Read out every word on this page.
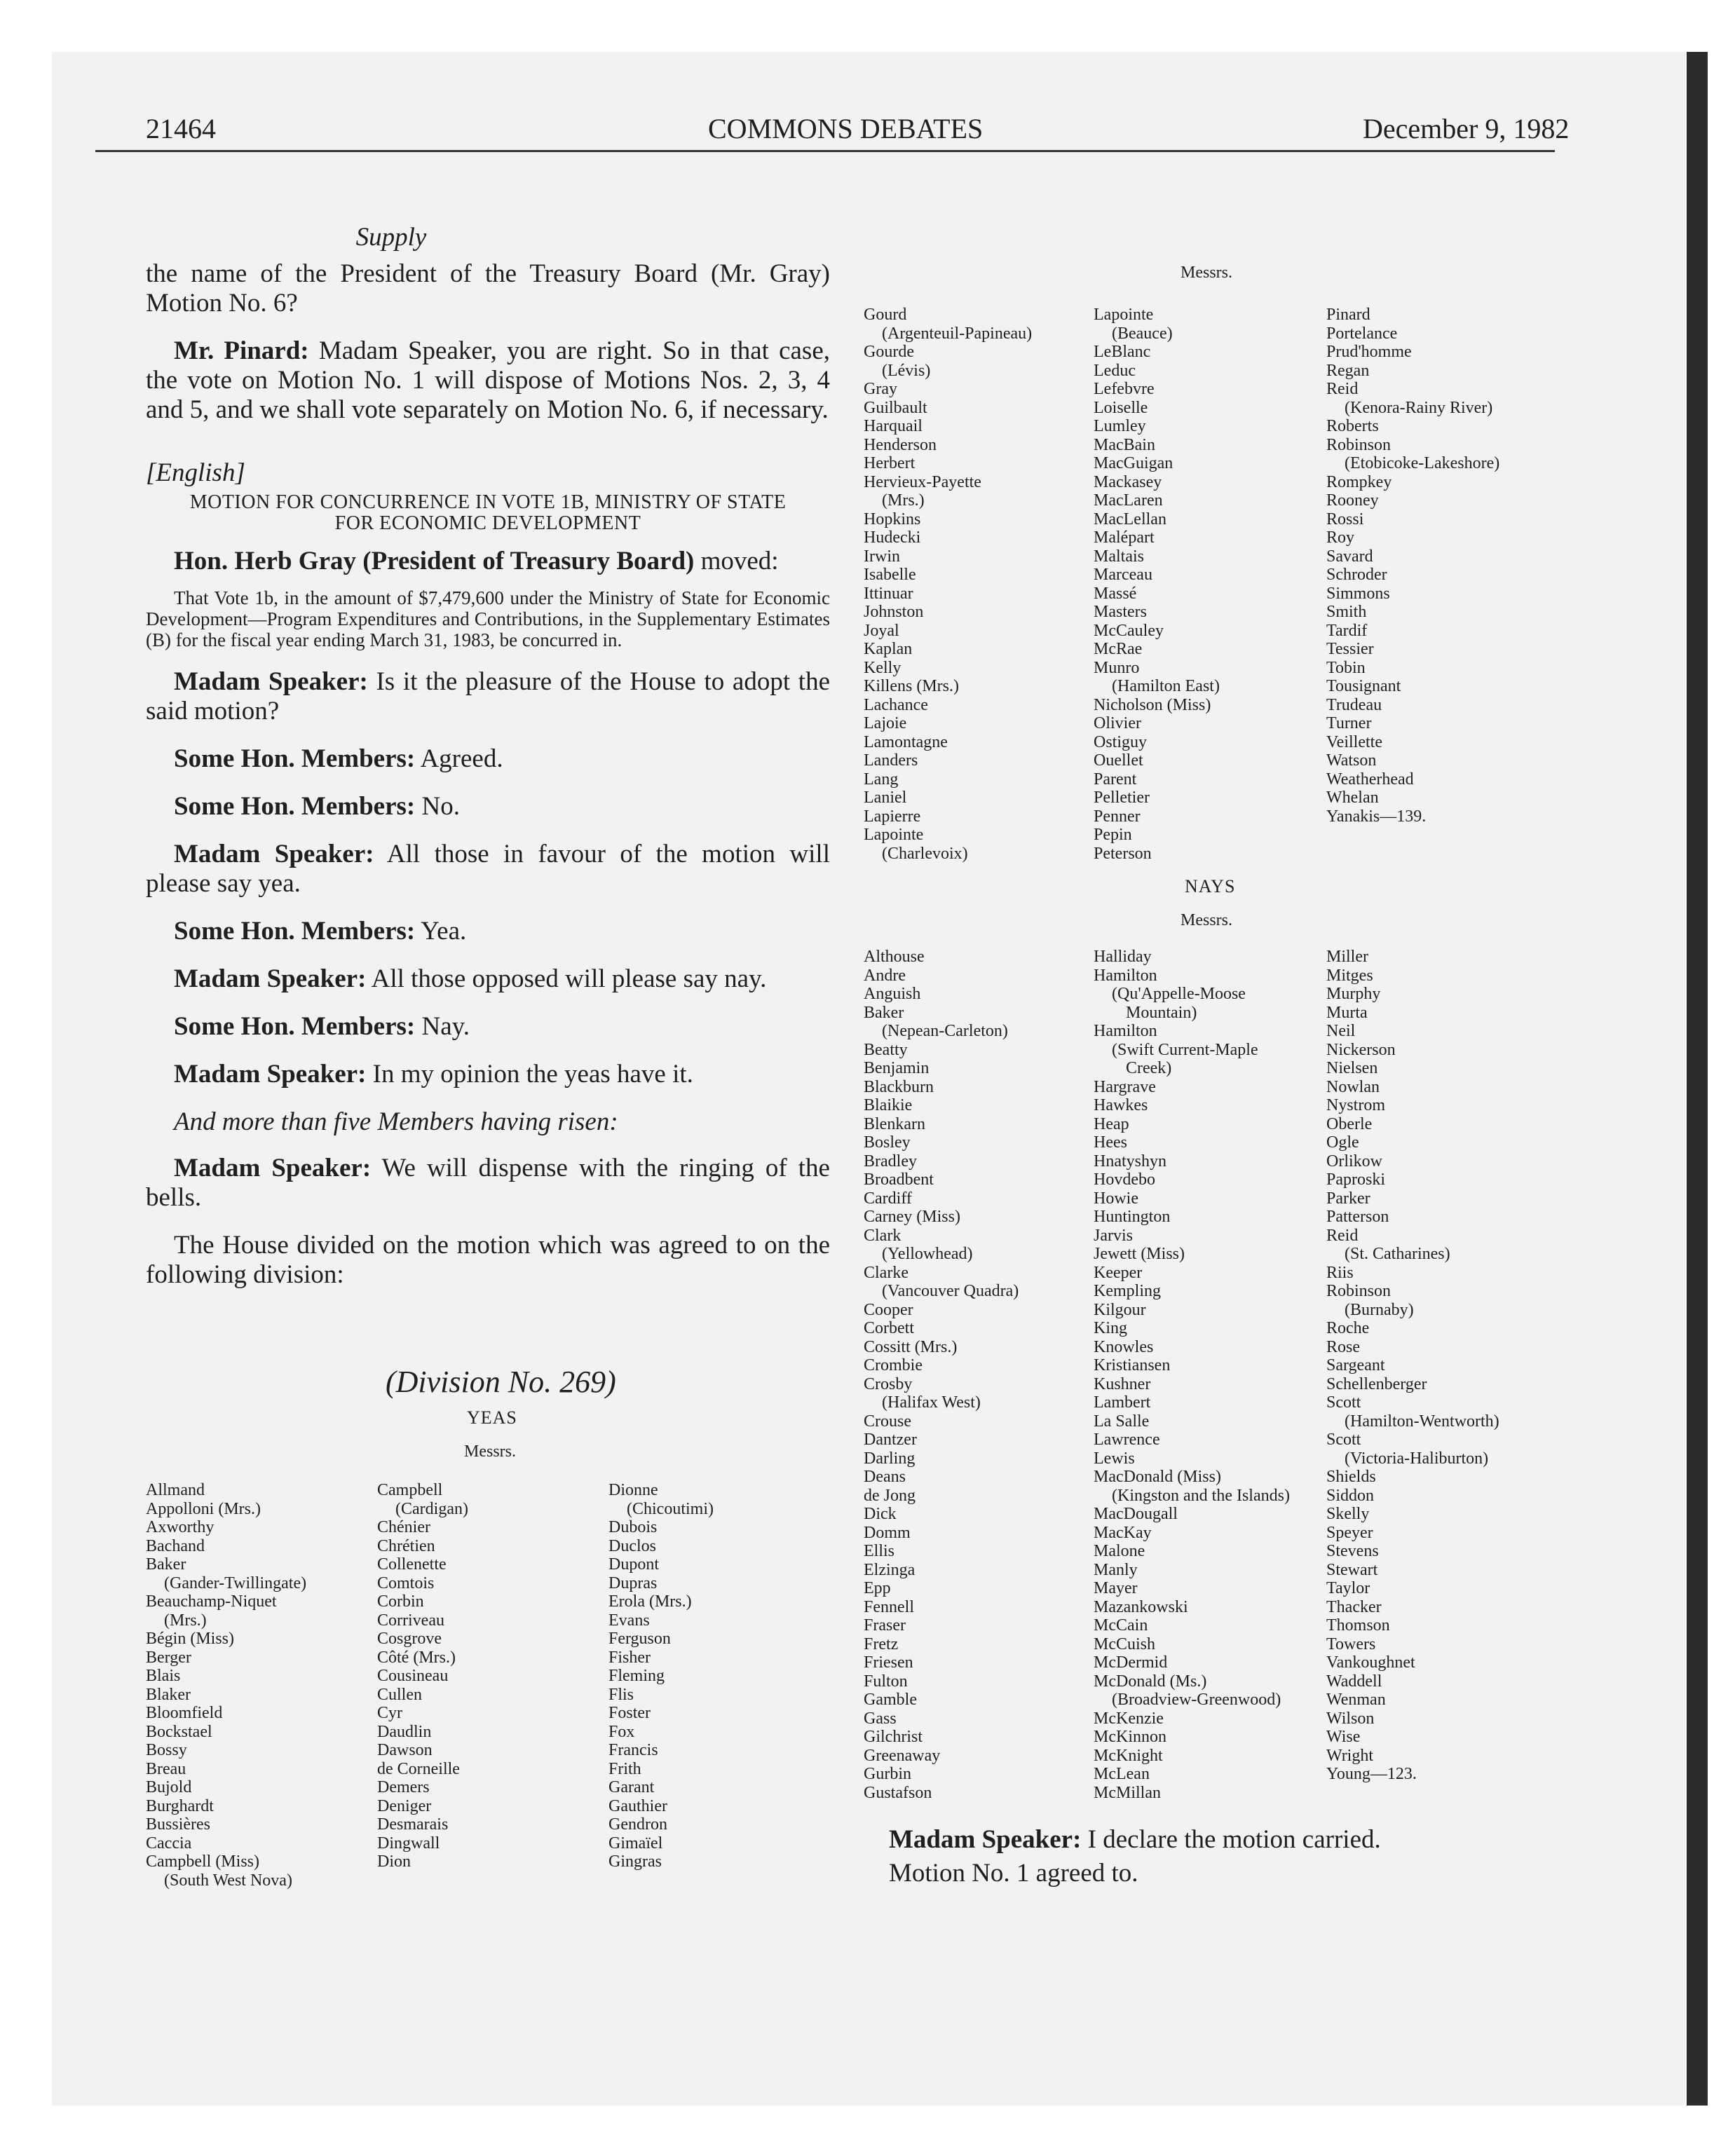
21464	COMMONS DEBATES	December 9, 1982

Supply

the name of the President of the Treasury Board (Mr. Gray) Motion No. 6?

Mr. Pinard: Madam Speaker, you are right. So in that case, the vote on Motion No. 1 will dispose of Motions Nos. 2, 3, 4 and 5, and we shall vote separately on Motion No. 6, if necessary.

[English]

MOTION FOR CONCURRENCE IN VOTE 1B, MINISTRY OF STATE
FOR ECONOMIC DEVELOPMENT

Hon. Herb Gray (President of Treasury Board) moved:

That Vote 1b, in the amount of $7,479,600 under the Ministry of State for Economic Development—Program Expenditures and Contributions, in the Supplementary Estimates (B) for the fiscal year ending March 31, 1983, be concurred in.

Madam Speaker: Is it the pleasure of the House to adopt the said motion?

Some Hon. Members: Agreed.

Some Hon. Members: No.

Madam Speaker: All those in favour of the motion will please say yea.

Some Hon. Members: Yea.

Madam Speaker: All those opposed will please say nay.

Some Hon. Members: Nay.

Madam Speaker: In my opinion the yeas have it.

And more than five Members having risen:

Madam Speaker: We will dispense with the ringing of the bells.

The House divided on the motion which was agreed to on the following division:

(Division No. 269)
YEAS
Messrs.
Allmand
Appolloni (Mrs.)
Axworthy
Bachand
Baker
(Gander-Twillingate)
Beauchamp-Niquet
(Mrs.)
Bégin (Miss)
Berger
Blais
Blaker
Bloomfield
Bockstael
Bossy
Breau
Bujold
Burghardt
Bussières
Caccia
Campbell (Miss)
(South West Nova)
Campbell
(Cardigan)
Chénier
Chrétien
Collenette
Comtois
Corbin
Corriveau
Cosgrove
Côté (Mrs.)
Cousineau
Cullen
Cyr
Daudlin
Dawson
de Corneille
Demers
Deniger
Desmarais
Dingwall
Dion
Dionne
(Chicoutimi)
Dubois
Duclos
Dupont
Dupras
Erola (Mrs.)
Evans
Ferguson
Fisher
Fleming
Flis
Foster
Fox
Francis
Frith
Garant
Gauthier
Gendron
Gimaïel
Gingras
Messrs.
Gourd
(Argenteuil-Papineau)
Gourde
(Lévis)
Gray
Guilbault
Harquail
Henderson
Herbert
Hervieux-Payette
(Mrs.)
Hopkins
Hudecki
Irwin
Isabelle
Ittinuar
Johnston
Joyal
Kaplan
Kelly
Killens (Mrs.)
Lachance
Lajoie
Lamontagne
Landers
Lang
Laniel
Lapierre
Lapointe
(Charlevoix)
Lapointe
(Beauce)
LeBlanc
Leduc
Lefebvre
Loiselle
Lumley
MacBain
MacGuigan
Mackasey
MacLaren
MacLellan
Malépart
Maltais
Marceau
Massé
Masters
McCauley
McRae
Munro
(Hamilton East)
Nicholson (Miss)
Olivier
Ostiguy
Ouellet
Parent
Pelletier
Penner
Pepin
Peterson
Pinard
Portelance
Prud'homme
Regan
Reid
(Kenora-Rainy River)
Roberts
Robinson
(Etobicoke-Lakeshore)
Rompkey
Rooney
Rossi
Roy
Savard
Schroder
Simmons
Smith
Tardif
Tessier
Tobin
Tousignant
Trudeau
Turner
Veillette
Watson
Weatherhead
Whelan
Yanakis—139.
NAYS
Messrs.
Althouse
Andre
Anguish
Baker
(Nepean-Carleton)
Beatty
Benjamin
Blackburn
Blaikie
Blenkarn
Bosley
Bradley
Broadbent
Cardiff
Carney (Miss)
Clark
(Yellowhead)
Clarke
(Vancouver Quadra)
Cooper
Corbett
Cossitt (Mrs.)
Crombie
Crosby
(Halifax West)
Crouse
Dantzer
Darling
Deans
de Jong
Dick
Domm
Ellis
Elzinga
Epp
Fennell
Fraser
Fretz
Friesen
Fulton
Gamble
Gass
Gilchrist
Greenaway
Gurbin
Gustafson
Halliday
Hamilton
(Qu'Appelle-Moose
Mountain)
Hamilton
(Swift Current-Maple
Creek)
Hargrave
Hawkes
Heap
Hees
Hnatyshyn
Hovdebo
Howie
Huntington
Jarvis
Jewett (Miss)
Keeper
Kempling
Kilgour
King
Knowles
Kristiansen
Kushner
Lambert
La Salle
Lawrence
Lewis
MacDonald (Miss)
(Kingston and the Islands)
MacDougall
MacKay
Malone
Manly
Mayer
Mazankowski
McCain
McCuish
McDermid
McDonald (Ms.)
(Broadview-Greenwood)
McKenzie
McKinnon
McKnight
McLean
McMillan
Miller
Mitges
Murphy
Murta
Neil
Nickerson
Nielsen
Nowlan
Nystrom
Oberle
Ogle
Orlikow
Paproski
Parker
Patterson
Reid
(St. Catharines)
Riis
Robinson
(Burnaby)
Roche
Rose
Sargeant
Schellenberger
Scott
(Hamilton-Wentworth)
Scott
(Victoria-Haliburton)
Shields
Siddon
Skelly
Speyer
Stevens
Stewart
Taylor
Thacker
Thomson
Towers
Vankoughnet
Waddell
Wenman
Wilson
Wise
Wright
Young—123.

Madam Speaker: I declare the motion carried.

Motion No. 1 agreed to.
